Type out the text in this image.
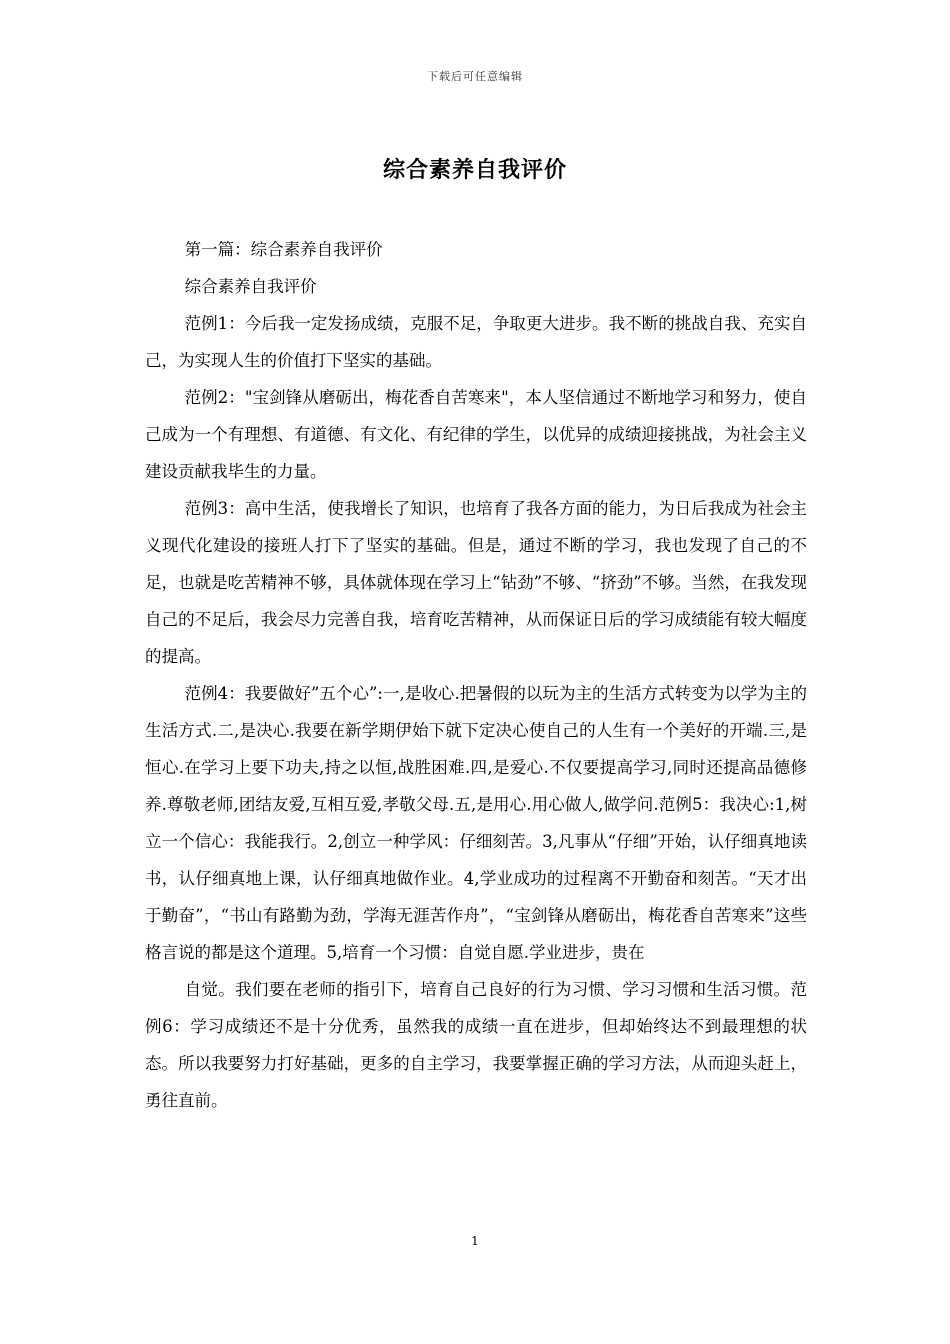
下载后可任意编辑
综合素养自我评价

第一篇：综合素养自我评价

综合素养自我评价

范例1：今后我一定发扬成绩，克服不足，争取更大进步。我不断的挑战自我、充实自己，为实现人生的价值打下坚实的基础。

范例2："宝剑锋从磨砺出，梅花香自苦寒来"，本人坚信通过不断地学习和努力，使自己成为一个有理想、有道德、有文化、有纪律的学生，以优异的成绩迎接挑战，为社会主义建设贡献我毕生的力量。

范例3：高中生活，使我增长了知识，也培育了我各方面的能力，为日后我成为社会主义现代化建设的接班人打下了坚实的基础。但是，通过不断的学习，我也发现了自己的不足，也就是吃苦精神不够，具体就体现在学习上“钻劲”不够、“挤劲”不够。当然，在我发现自己的不足后，我会尽力完善自我，培育吃苦精神，从而保证日后的学习成绩能有较大幅度的提高。

范例4：我要做好”五个心”:一,是收心.把暑假的以玩为主的生活方式转变为以学为主的生活方式.二,是决心.我要在新学期伊始下就下定决心使自己的人生有一个美好的开端.三,是恒心.在学习上要下功夫,持之以恒,战胜困难.四,是爱心.不仅要提高学习,同时还提高品德修养.尊敬老师,团结友爱,互相互爱,孝敬父母.五,是用心.用心做人,做学问.范例5：我决心:1,树立一个信心：我能我行。2,创立一种学风：仔细刻苦。3,凡事从“仔细”开始，认仔细真地读书，认仔细真地上课，认仔细真地做作业。4,学业成功的过程离不开勤奋和刻苦。“天才出于勤奋”，“书山有路勤为劲，学海无涯苦作舟”，“宝剑锋从磨砺出，梅花香自苦寒来”这些格言说的都是这个道理。5,培育一个习惯：自觉自愿.学业进步，贵在

自觉。我们要在老师的指引下，培育自己良好的行为习惯、学习习惯和生活习惯。范例6：学习成绩还不是十分优秀，虽然我的成绩一直在进步，但却始终达不到最理想的状态。所以我要努力打好基础，更多的自主学习，我要掌握正确的学习方法，从而迎头赶上，勇往直前。

1
